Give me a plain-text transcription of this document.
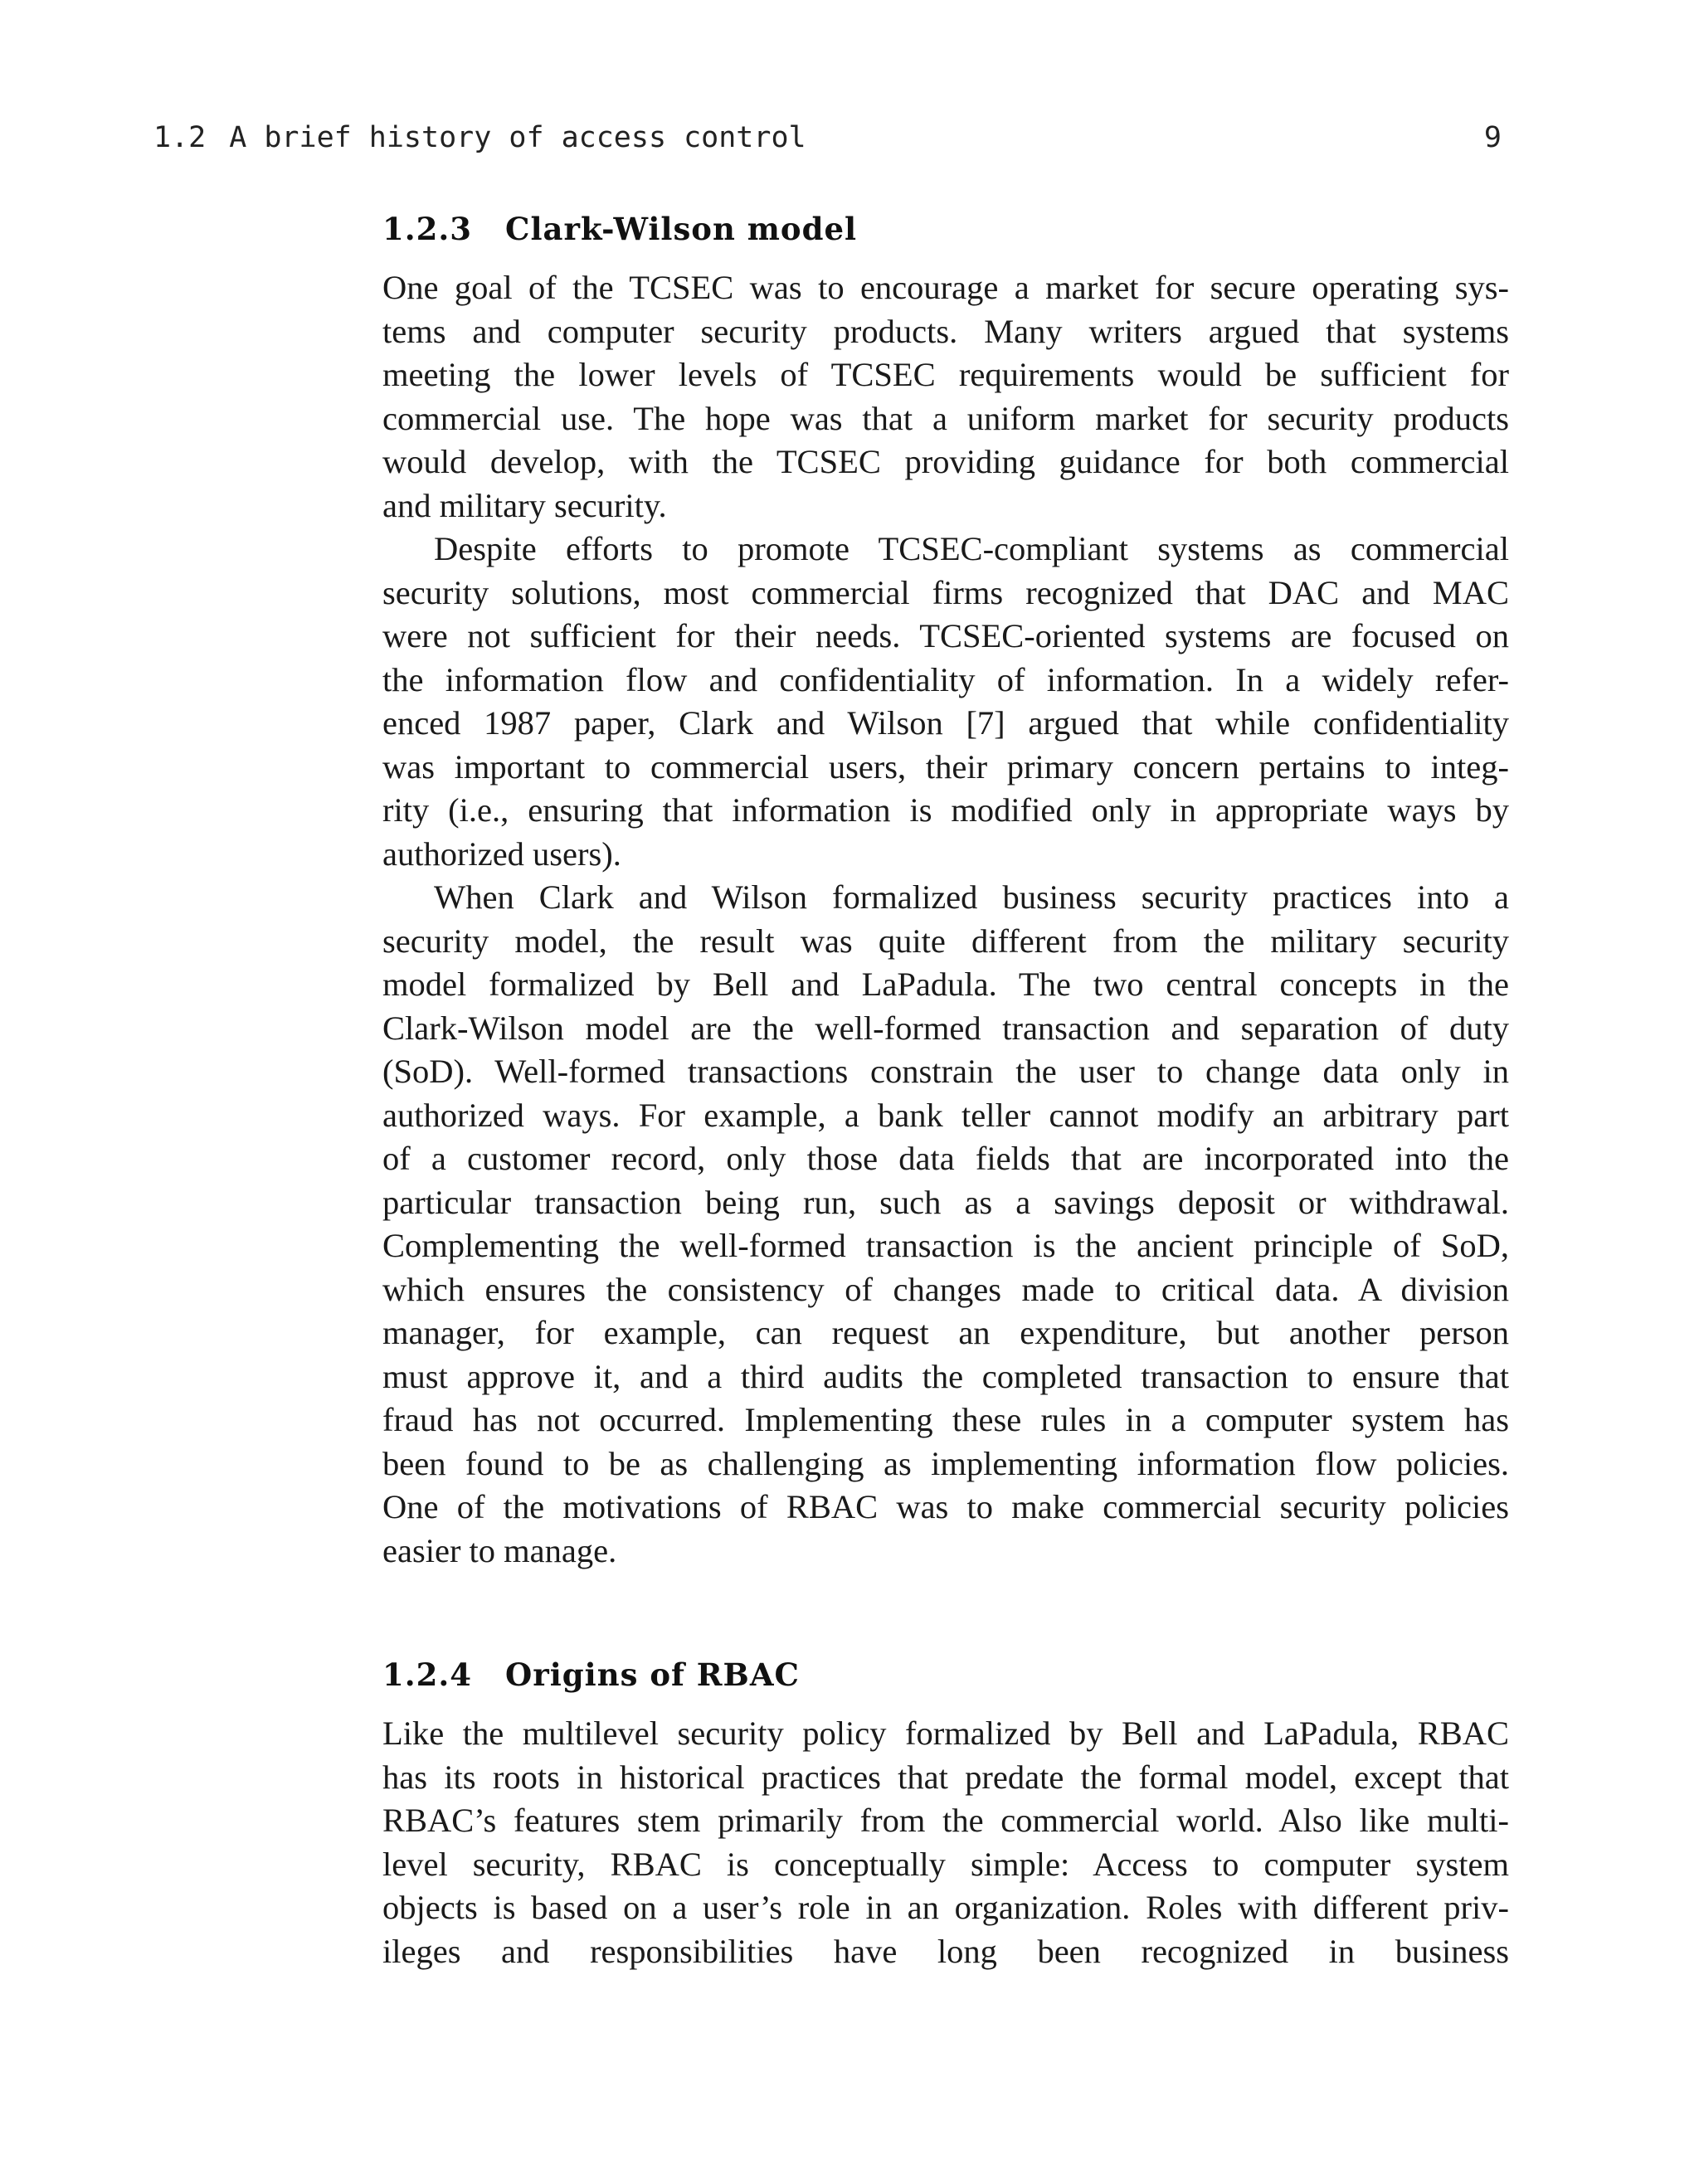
1.2 A brief history of access control	9
1.2.3 Clark-Wilson model
One goal of the TCSEC was to encourage a market for secure operating sys-
tems and computer security products. Many writers argued that systems
meeting the lower levels of TCSEC requirements would be sufficient for
commercial use. The hope was that a uniform market for security products
would develop, with the TCSEC providing guidance for both commercial
and military security.
Despite efforts to promote TCSEC-compliant systems as commercial
security solutions, most commercial firms recognized that DAC and MAC
were not sufficient for their needs. TCSEC-oriented systems are focused on
the information flow and confidentiality of information. In a widely refer-
enced 1987 paper, Clark and Wilson [7] argued that while confidentiality
was important to commercial users, their primary concern pertains to integ-
rity (i.e., ensuring that information is modified only in appropriate ways by
authorized users).
When Clark and Wilson formalized business security practices into a
security model, the result was quite different from the military security
model formalized by Bell and LaPadula. The two central concepts in the
Clark-Wilson model are the well-formed transaction and separation of duty
(SoD). Well-formed transactions constrain the user to change data only in
authorized ways. For example, a bank teller cannot modify an arbitrary part
of a customer record, only those data fields that are incorporated into the
particular transaction being run, such as a savings deposit or withdrawal.
Complementing the well-formed transaction is the ancient principle of SoD,
which ensures the consistency of changes made to critical data. A division
manager, for example, can request an expenditure, but another person
must approve it, and a third audits the completed transaction to ensure that
fraud has not occurred. Implementing these rules in a computer system has
been found to be as challenging as implementing information flow policies.
One of the motivations of RBAC was to make commercial security policies
easier to manage.
1.2.4 Origins of RBAC
Like the multilevel security policy formalized by Bell and LaPadula, RBAC
has its roots in historical practices that predate the formal model, except that
RBAC’s features stem primarily from the commercial world. Also like multi-
level security, RBAC is conceptually simple: Access to computer system
objects is based on a user’s role in an organization. Roles with different priv-
ileges and responsibilities have long been recognized in business
